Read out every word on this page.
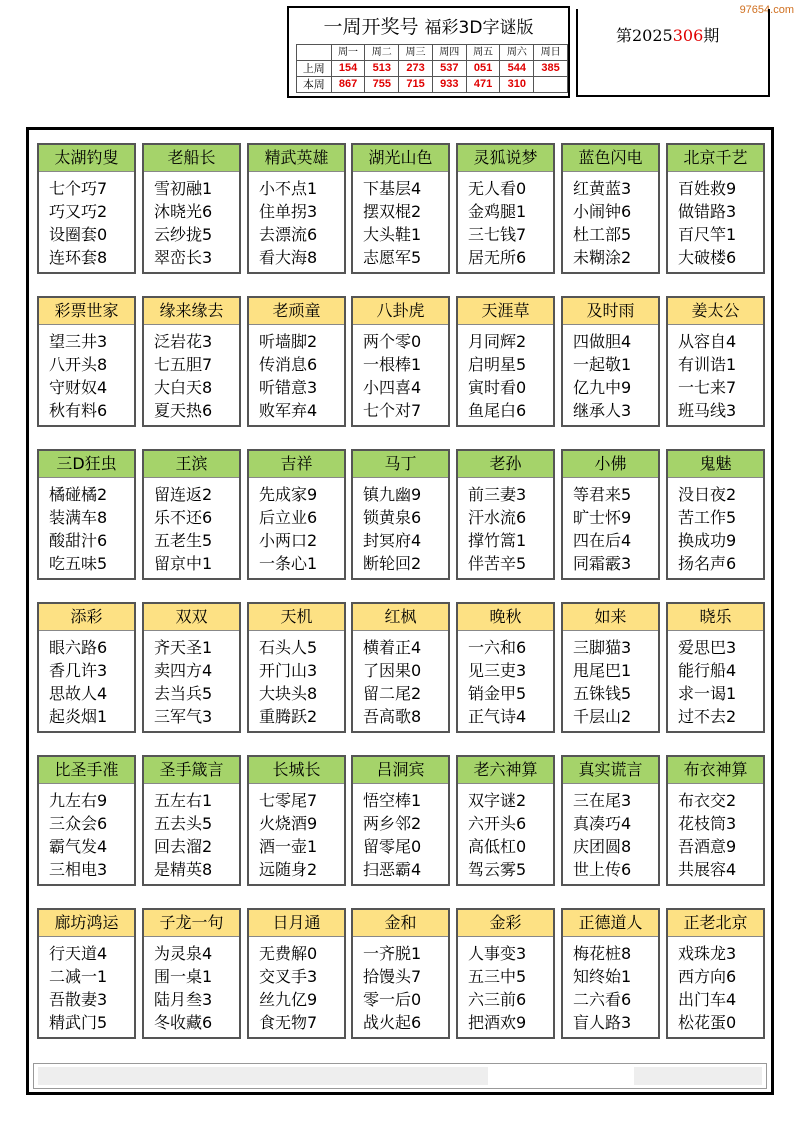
97654.com
一周开奖号 福彩3D字谜版
	周一	周二	周三	周四	周五	周六	周日
上周	154	513	273	537	051	544	385
本周	867	755	715	933	471	310	
第2025306期
太湖钓叟
七个巧7
巧又巧2
设圈套0
连环套8
老船长
雪初融1
沐晓光6
云纱拢5
翠峦长3
精武英雄
小不点1
住单拐3
去漂流6
看大海8
湖光山色
下基层4
摆双棍2
大头鞋1
志愿军5
灵狐说梦
无人看0
金鸡腿1
三七钱7
居无所6
蓝色闪电
红黄蓝3
小闹钟6
杜工部5
未糊涂2
北京千艺
百姓救9
做错路3
百尺竿1
大破楼6
彩票世家
望三井3
八开头8
守财奴4
秋有料6
缘来缘去
泛岩花3
七五胆7
大白天8
夏天热6
老顽童
听墙脚2
传消息6
听错意3
败军弃4
八卦虎
两个零0
一根棒1
小四喜4
七个对7
天涯草
月同辉2
启明星5
寅时看0
鱼尾白6
及时雨
四做胆4
一起敬1
亿九中9
继承人3
姜太公
从容自4
有训诰1
一七来7
班马线3
三D狂虫
橘碰橘2
装满车8
酸甜汁6
吃五味5
王滨
留连返2
乐不还6
五老生5
留京中1
吉祥
先成家9
后立业6
小两口2
一条心1
马丁
镇九幽9
锁黄泉6
封冥府4
断轮回2
老孙
前三妻3
汗水流6
撑竹篙1
伴苦辛5
小佛
等君来5
旷士怀9
四在后4
同霜霰3
鬼魅
没日夜2
苦工作5
换成功9
扬名声6
添彩
眼六路6
香几许3
思故人4
起炎烟1
双双
齐天圣1
卖四方4
去当兵5
三军气3
天机
石头人5
开门山3
大块头8
重腾跃2
红枫
横着正4
了因果0
留二尾2
吾高歌8
晚秋
一六和6
见三吏3
销金甲5
正气诗4
如来
三脚猫3
甩尾巴1
五铢钱5
千层山2
晓乐
爱思巴3
能行船4
求一谒1
过不去2
比圣手准
九左右9
三众会6
霸气发4
三相电3
圣手箴言
五左右1
五去头5
回去溜2
是精英8
长城长
七零尾7
火烧酒9
酒一壶1
远随身2
吕洞宾
悟空棒1
两乡邻2
留零尾0
扫恶霸4
老六神算
双字谜2
六开头6
高低杠0
驾云雾5
真实谎言
三在尾3
真凑巧4
庆团圆8
世上传6
布衣神算
布衣交2
花枝筒3
吾酒意9
共展容4
廊坊鸿运
行天道4
二减一1
吾散妻3
精武门5
子龙一句
为灵泉4
围一桌1
陆月叁3
冬收藏6
日月通
无费解0
交叉手3
丝九亿9
食无物7
金和
一齐脱1
拾馒头7
零一后0
战火起6
金彩
人事变3
五三中5
六三前6
把酒欢9
正德道人
梅花桩8
知终始1
二六看6
盲人路3
正老北京
戏珠龙3
西方向6
出门车4
松花蛋0
